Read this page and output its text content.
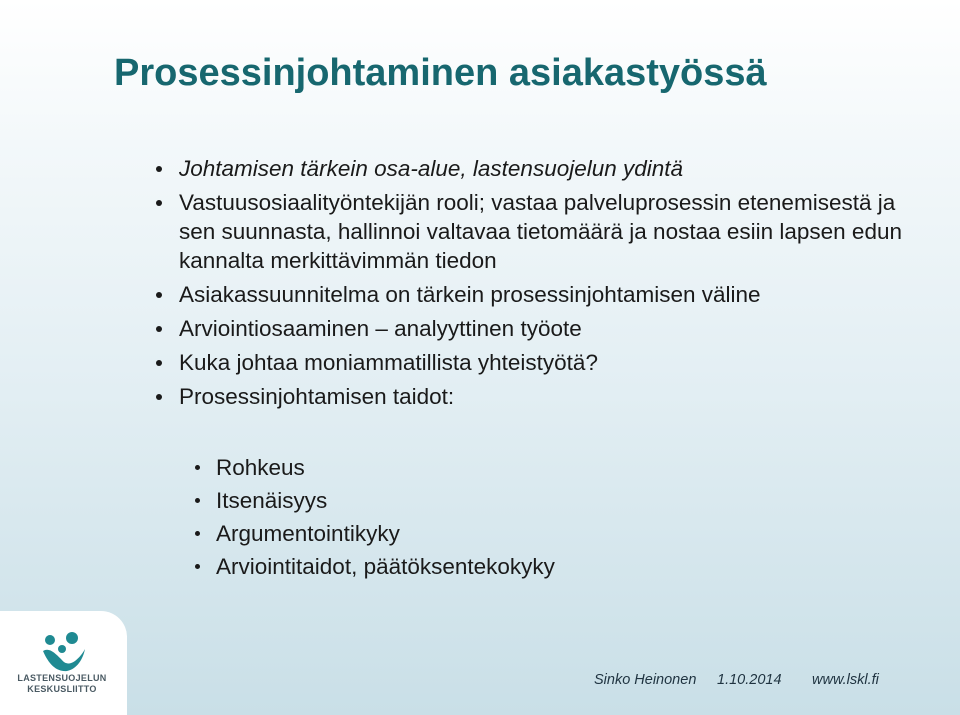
Prosessinjohtaminen asiakastyössä
Johtamisen tärkein osa-alue, lastensuojelun ydintä
Vastuusosiaalityöntekijän rooli; vastaa palveluprosessin etenemisestä ja sen suunnasta, hallinnoi valtavaa tietomäärä ja nostaa esiin lapsen edun kannalta merkittävimmän tiedon
Asiakassuunnitelma on tärkein prosessinjohtamisen väline
Arviointiosaaminen – analyyttinen työote
Kuka johtaa moniammatillista yhteistyötä?
Prosessinjohtamisen taidot:
Rohkeus
Itsenäisyys
Argumentointikyky
Arviointitaidot, päätöksentekokyky
LASTENSUOJELUN
KESKUSLIITTO
Sinko Heinonen 1.10.2014 www.lskl.fi
